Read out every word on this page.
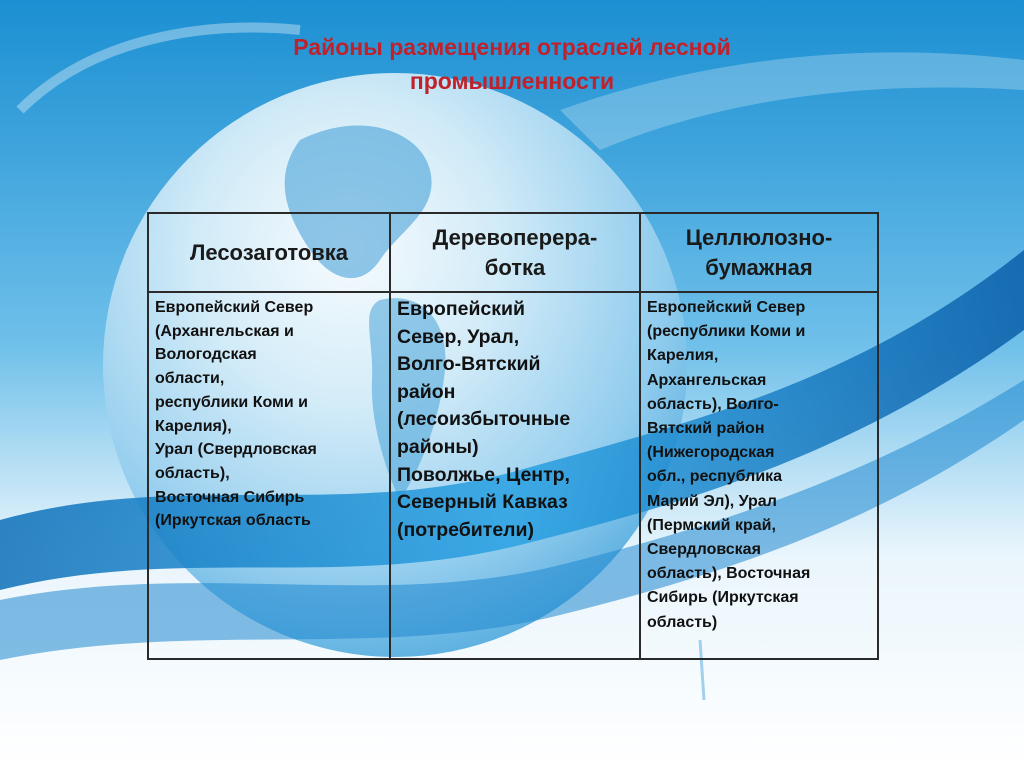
Районы размещения отраслей лесной
промышленности
Лесозаготовка
Деревоперера-
ботка
Целлюлозно-
бумажная
Европейский Север
(Архангельская и
Вологодская
области,
республики Коми и
Карелия),
Урал (Свердловская
область),
Восточная Сибирь
(Иркутская область
Европейский
Север, Урал,
Волго-Вятский
район
(лесоизбыточные
районы)
Поволжье, Центр,
Северный Кавказ
(потребители)
Европейский Север
(республики Коми и
Карелия,
Архангельская
область), Волго-
Вятский район
(Нижегородская
обл., республика
Марий Эл), Урал
(Пермский край,
Свердловская
область), Восточная
Сибирь (Иркутская
область)
